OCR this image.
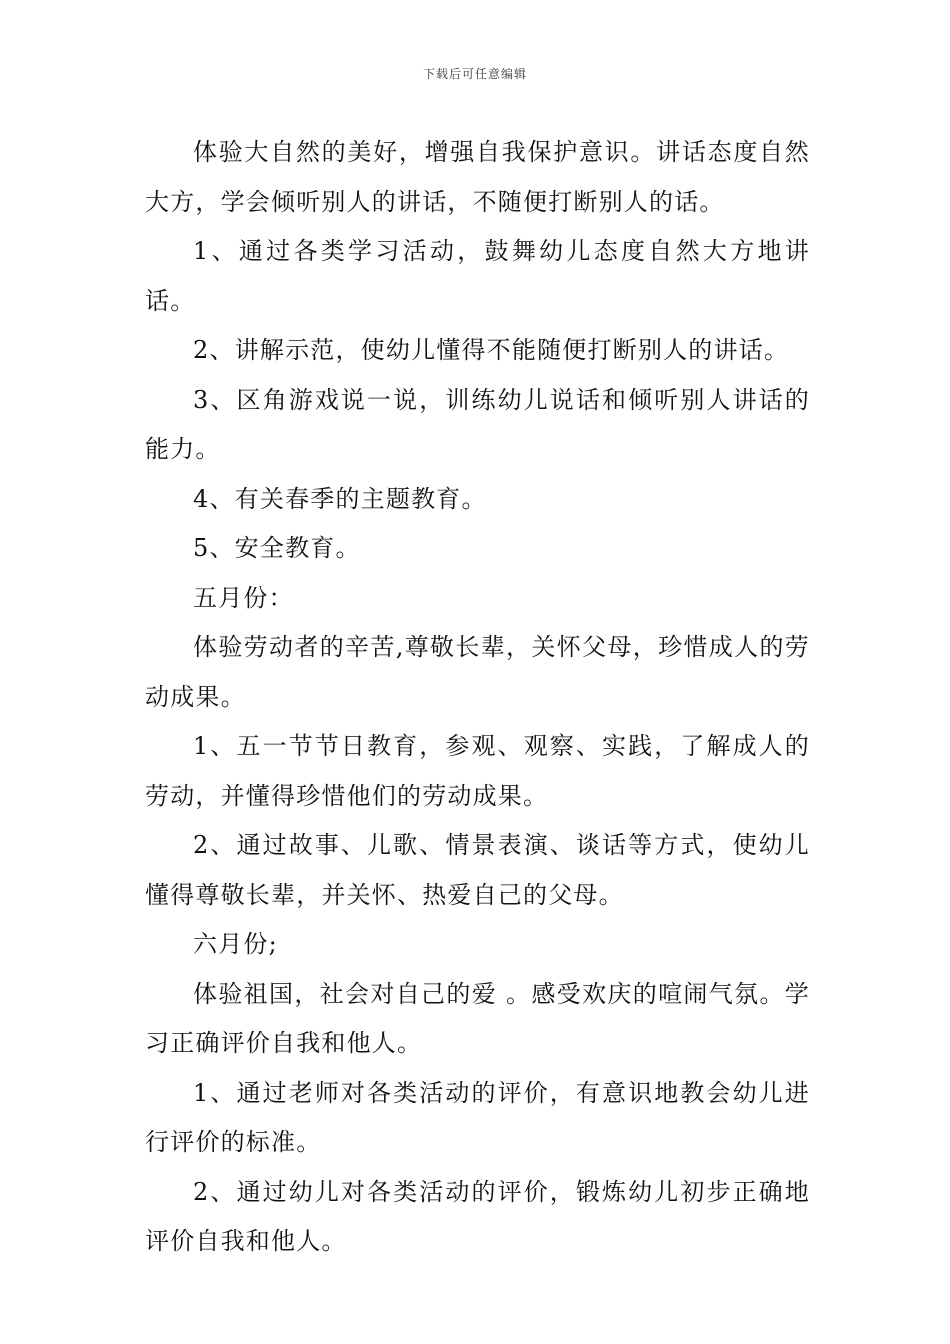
下载后可任意编辑

体验大自然的美好，增强自我保护意识。讲话态度自然大方，学会倾听别人的讲话，不随便打断别人的话。

1、通过各类学习活动，鼓舞幼儿态度自然大方地讲话。

2、讲解示范，使幼儿懂得不能随便打断别人的讲话。

3、区角游戏说一说，训练幼儿说话和倾听别人讲话的能力。

4、有关春季的主题教育。

5、安全教育。

五月份：

体验劳动者的辛苦,尊敬长辈，关怀父母，珍惜成人的劳动成果。

1、五一节节日教育，参观、观察、实践，了解成人的劳动，并懂得珍惜他们的劳动成果。

2、通过故事、儿歌、情景表演、谈话等方式，使幼儿懂得尊敬长辈，并关怀、热爱自己的父母。

六月份;

体验祖国，社会对自己的爱 。感受欢庆的喧闹气氛。学习正确评价自我和他人。

1、通过老师对各类活动的评价，有意识地教会幼儿进行评价的标准。

2、通过幼儿对各类活动的评价，锻炼幼儿初步正确地评价自我和他人。
